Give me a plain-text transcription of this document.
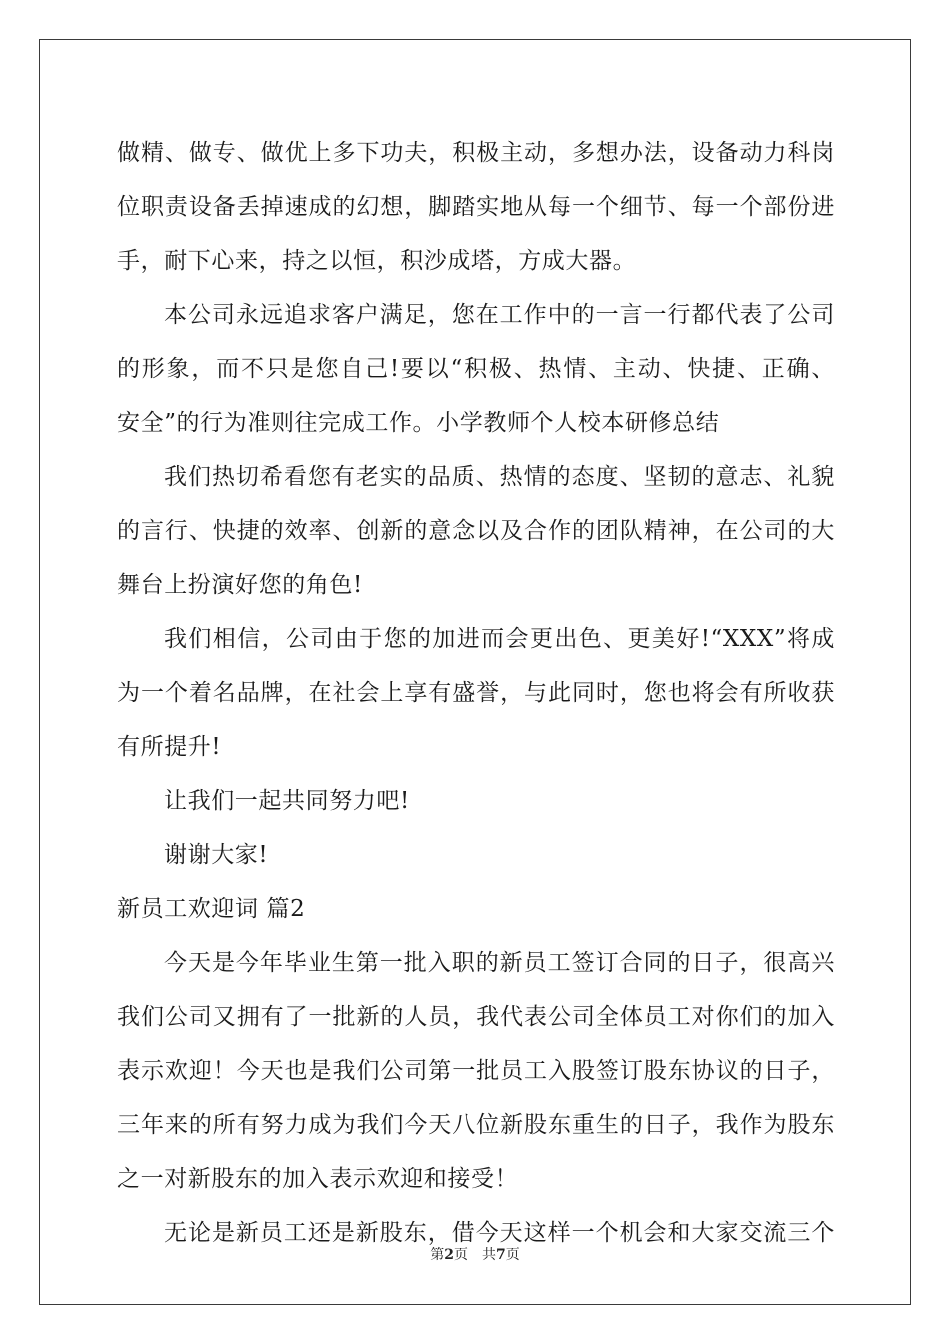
做精、做专、做优上多下功夫，积极主动，多想办法，设备动力科岗
位职责设备丢掉速成的幻想，脚踏实地从每一个细节、每一个部份进
手，耐下心来，持之以恒，积沙成塔，方成大器。
本公司永远追求客户满足，您在工作中的一言一行都代表了公司
的形象，而不只是您自己!要以“积极、热情、主动、快捷、正确、
安全”的行为准则往完成工作。小学教师个人校本研修总结
我们热切希看您有老实的品质、热情的态度、坚韧的意志、礼貌
的言行、快捷的效率、创新的意念以及合作的团队精神，在公司的大
舞台上扮演好您的角色!
我们相信，公司由于您的加进而会更出色、更美好!“XXX”将成
为一个着名品牌，在社会上享有盛誉，与此同时，您也将会有所收获
有所提升!
让我们一起共同努力吧!
谢谢大家!
新员工欢迎词 篇2
今天是今年毕业生第一批入职的新员工签订合同的日子，很高兴
我们公司又拥有了一批新的人员，我代表公司全体员工对你们的加入
表示欢迎！今天也是我们公司第一批员工入股签订股东协议的日子，
三年来的所有努力成为我们今天八位新股东重生的日子，我作为股东
之一对新股东的加入表示欢迎和接受！
无论是新员工还是新股东，借今天这样一个机会和大家交流三个
第2页 共7页
